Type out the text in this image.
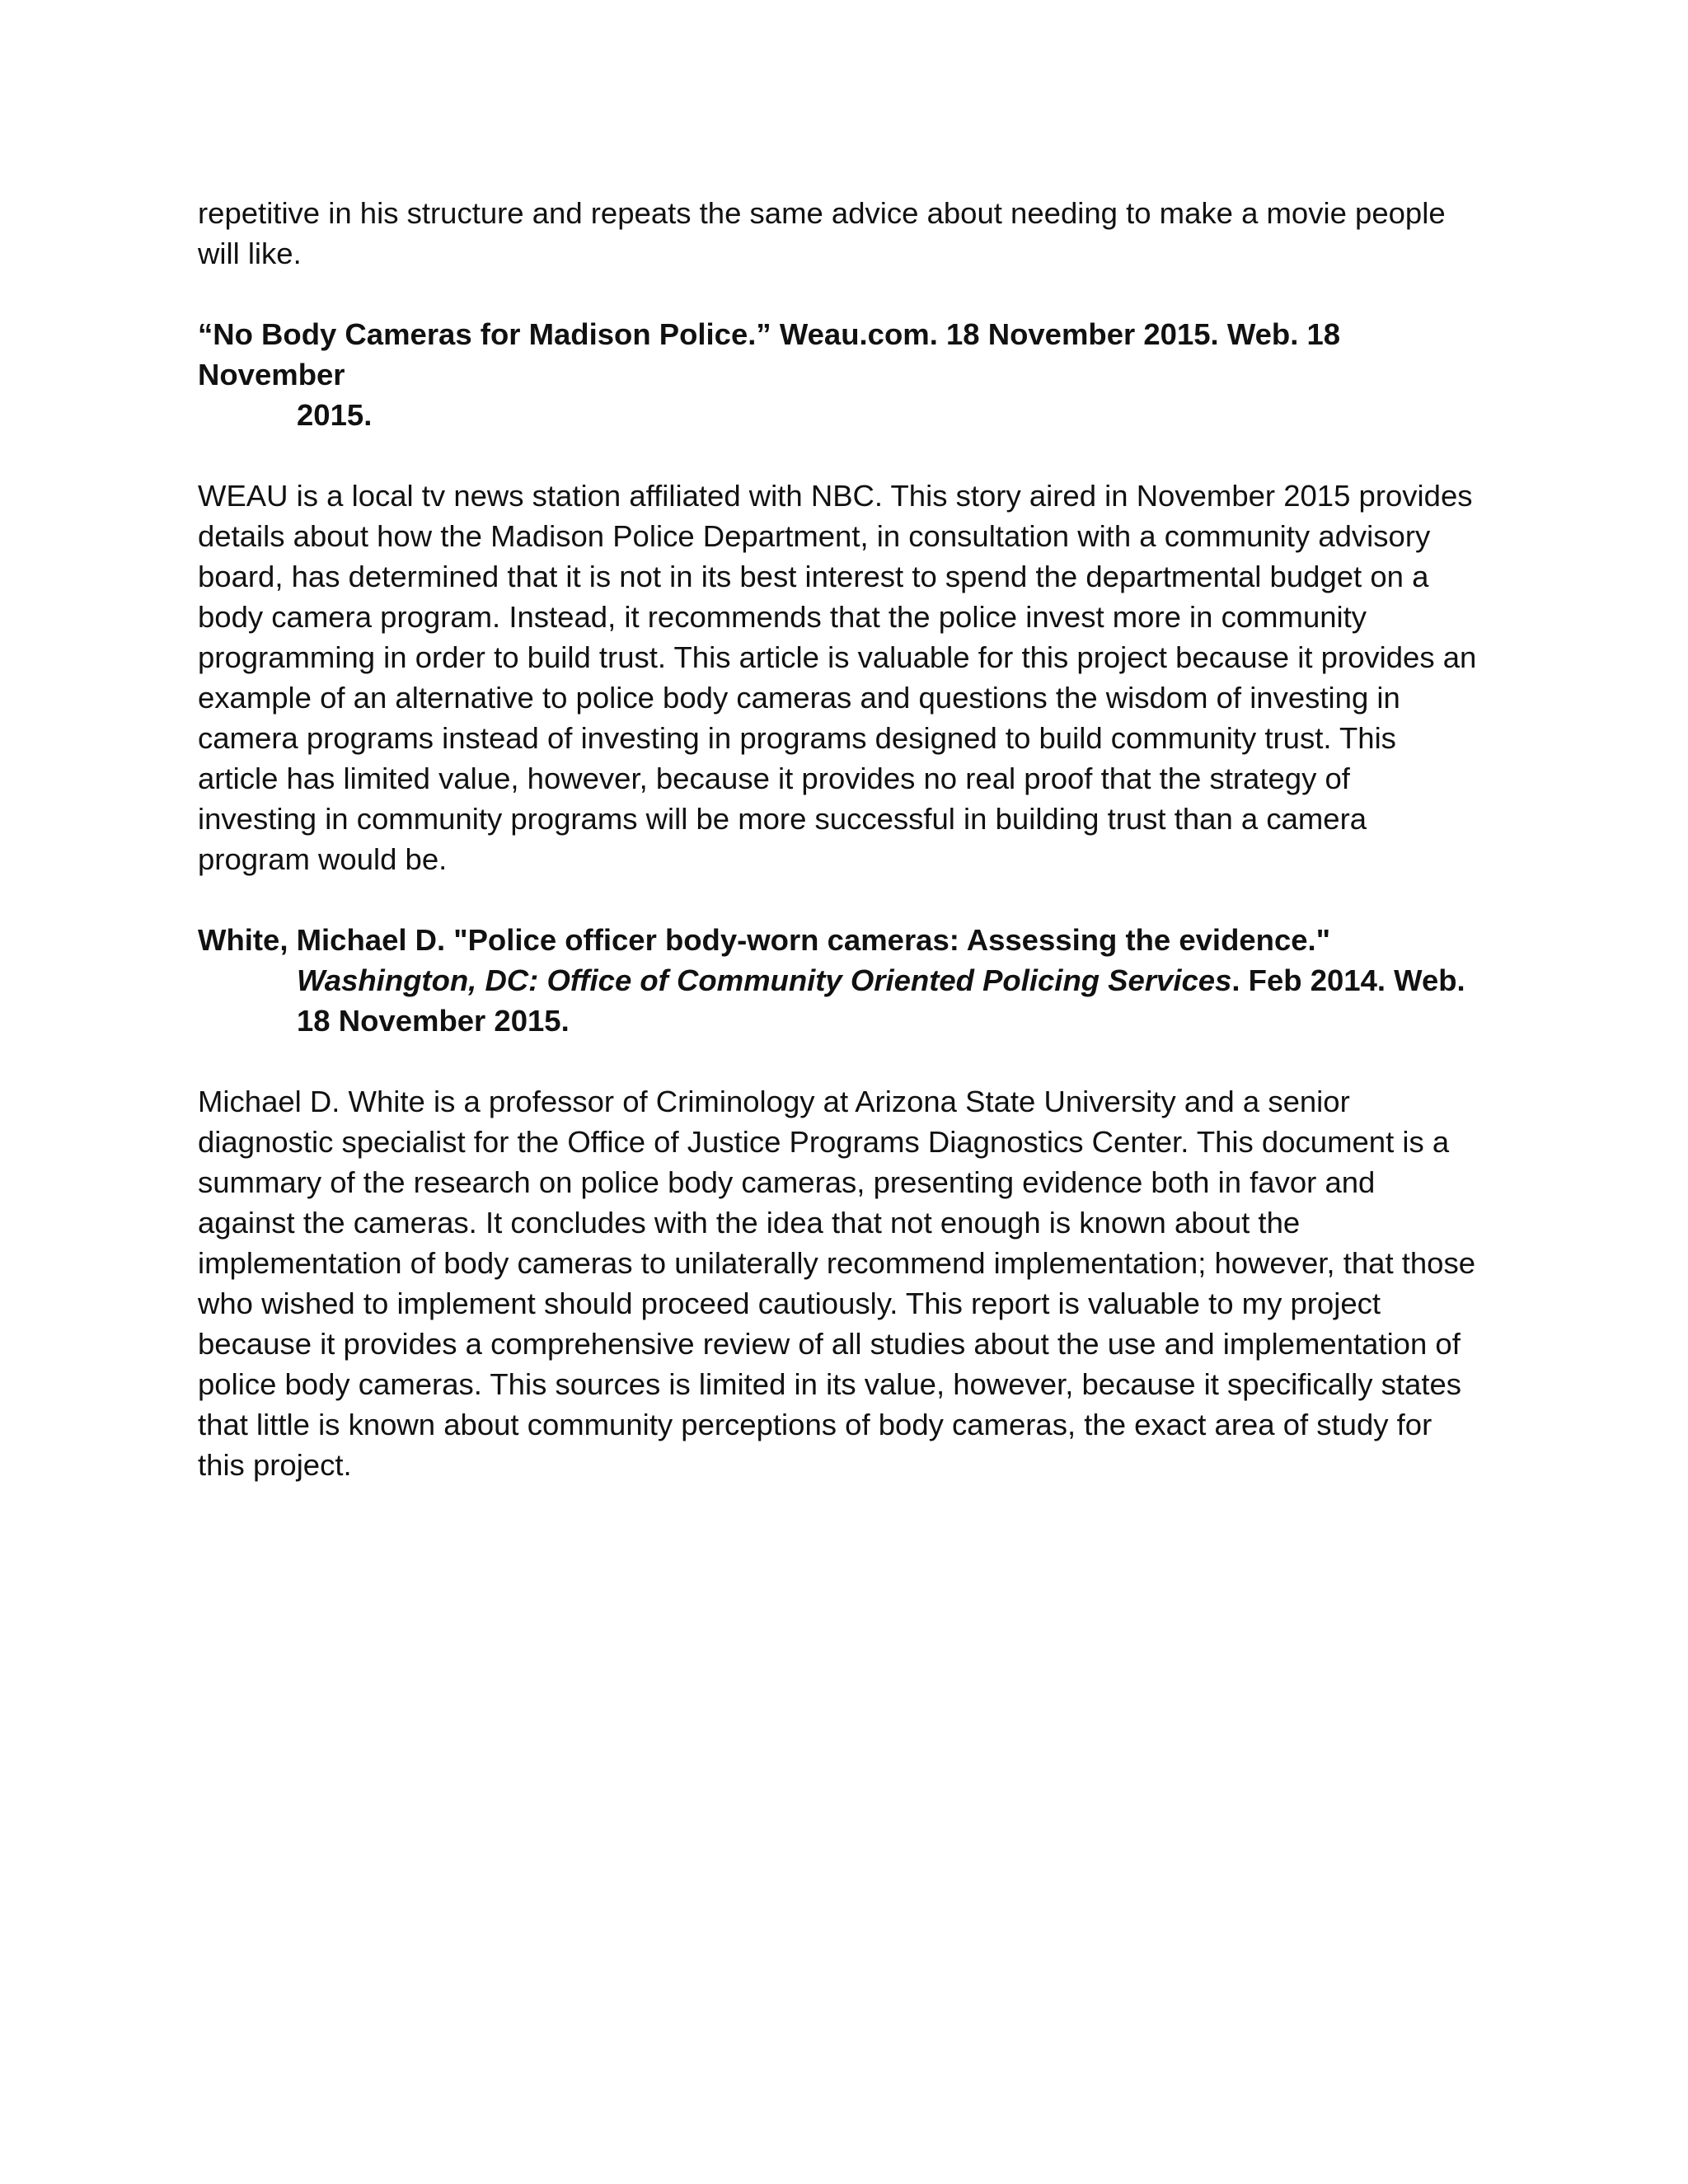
repetitive in his structure and repeats the same advice about needing to make a movie people
will like.
“No Body Cameras for Madison Police.” Weau.com. 18 November 2015. Web. 18
November
2015.
WEAU is a local tv news station affiliated with NBC. This story aired in November 2015 provides
details about how the Madison Police Department, in consultation with a community advisory
board, has determined that it is not in its best interest to spend the departmental budget on a
body camera program. Instead, it recommends that the police invest more in community
programming in order to build trust. This article is valuable for this project because it provides an
example of an alternative to police body cameras and questions the wisdom of investing in
camera programs instead of investing in programs designed to build community trust. This
article has limited value, however, because it provides no real proof that the strategy of
investing in community programs will be more successful in building trust than a camera
program would be.
White, Michael D. "Police officer body-worn cameras: Assessing the evidence."
Washington, DC: Office of Community Oriented Policing Services. Feb 2014. Web.
18 November 2015.
Michael D. White is a professor of Criminology at Arizona State University and a senior
diagnostic specialist for the Office of Justice Programs Diagnostics Center. This document is a
summary of the research on police body cameras, presenting evidence both in favor and
against the cameras. It concludes with the idea that not enough is known about the
implementation of body cameras to unilaterally recommend implementation; however, that those
who wished to implement should proceed cautiously. This report is valuable to my project
because it provides a comprehensive review of all studies about the use and implementation of
police body cameras. This sources is limited in its value, however, because it specifically states
that little is known about community perceptions of body cameras, the exact area of study for
this project.
